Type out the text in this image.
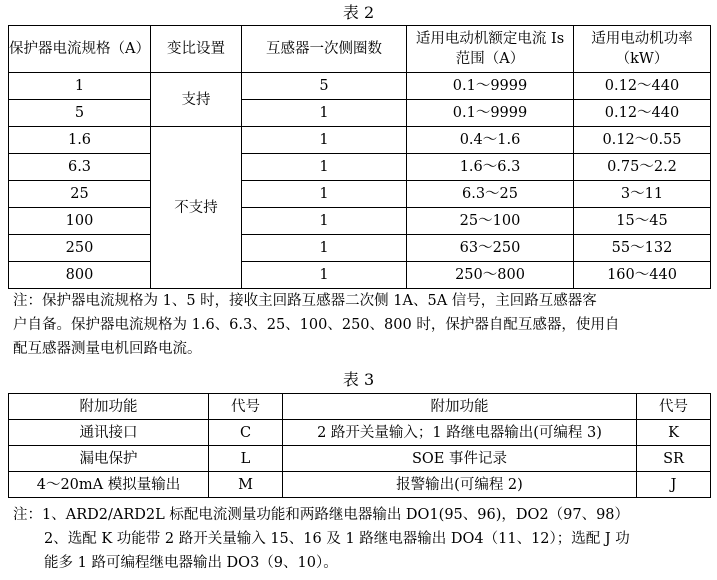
表 2
保护器电流规格（A）	变比设置	互感器一次侧圈数	适用电动机额定电流 Is 范围（A）	适用电动机功率（kW）
1	支持	5	0.1～9999	0.12～440
5		1	0.1～9999	0.12～440
1.6	不支持	1	0.4～1.6	0.12～0.55
6.3		1	1.6～6.3	0.75～2.2
25		1	6.3～25	3～11
100		1	25～100	15～45
250		1	63～250	55～132
800		1	250～800	160～440

注：保护器电流规格为 1、5 时，接收主回路互感器二次侧 1A、5A 信号，主回路互感器客

户自备。保护器电流规格为 1.6、6.3、25、100、250、800 时，保护器自配互感器，使用自

配互感器测量电机回路电流。

表 3
附加功能	代号	附加功能	代号
通讯接口	C	2 路开关量输入；1 路继电器输出(可编程 3)	K
漏电保护	L	SOE 事件记录	SR
4～20mA 模拟量输出	M	报警输出(可编程 2)	J

注：1、ARD2/ARD2L 标配电流测量功能和两路继电器输出 DO1(95、96)，DO2（97、98）

2、选配 K 功能带 2 路开关量输入 15、16 及 1 路继电器输出 DO4（11、12）；选配 J 功

能多 1 路可编程继电器输出 DO3（9、10）。
